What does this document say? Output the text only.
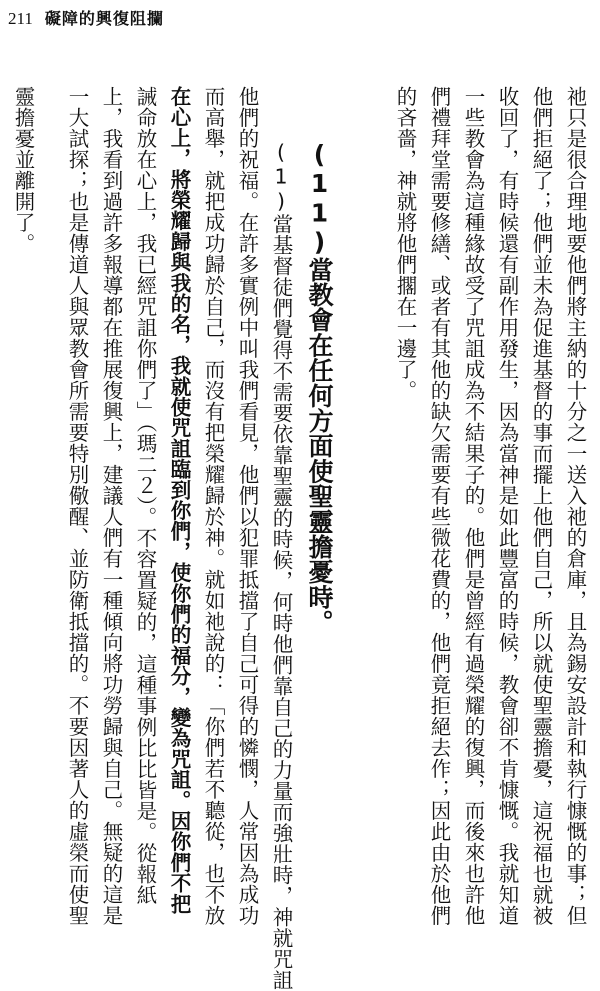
211 礙障的興復阻攔
祂只是很合理地要他們將主納的十分之一送入祂的倉庫，且為錫安設計和執行慷慨的事；但
他們拒絕了；他們並未為促進基督的事而擺上他們自己，所以就使聖靈擔憂，這祝福也就被
收回了，有時候還有副作用發生，因為當神是如此豐富的時候，教會卻不肯慷慨。我就知道
一些教會為這種緣故受了咒詛成為不結果子的。他們是曾經有過榮耀的復興，而後來也許他
們禮拜堂需要修繕、或者有其他的缺欠需要有些微花費的，他們竟拒絕去作；因此由於他們
的吝嗇，神就將他們擱在一邊了。
(11)當教會在任何方面使聖靈擔憂時。
(1)當基督徒們覺得不需要依靠聖靈的時候，何時他們靠自己的力量而強壯時，神就咒詛
他們的祝福。在許多實例中叫我們看見，他們以犯罪抵擋了自己可得的憐憫，人常因為成功
而高舉，就把成功歸於自己，而沒有把榮耀歸於神。就如祂說的：「你們若不聽從，也不放
在心上，將榮耀歸與我的名，我就使咒詛臨到你們，使你們的福分，變為咒詛。因你們不把
誡命放在心上，我已經咒詛你們了」（瑪二２）。不容置疑的，這種事例比比皆是。從報紙
上，我看到過許多報導都在推展復興上，建議人們有一種傾向將功勞歸與自己。無疑的這是
一大試探；也是傳道人與眾教會所需要特別儆醒、並防衛抵擋的。不要因著人的虛榮而使聖
靈擔憂並離開了。
